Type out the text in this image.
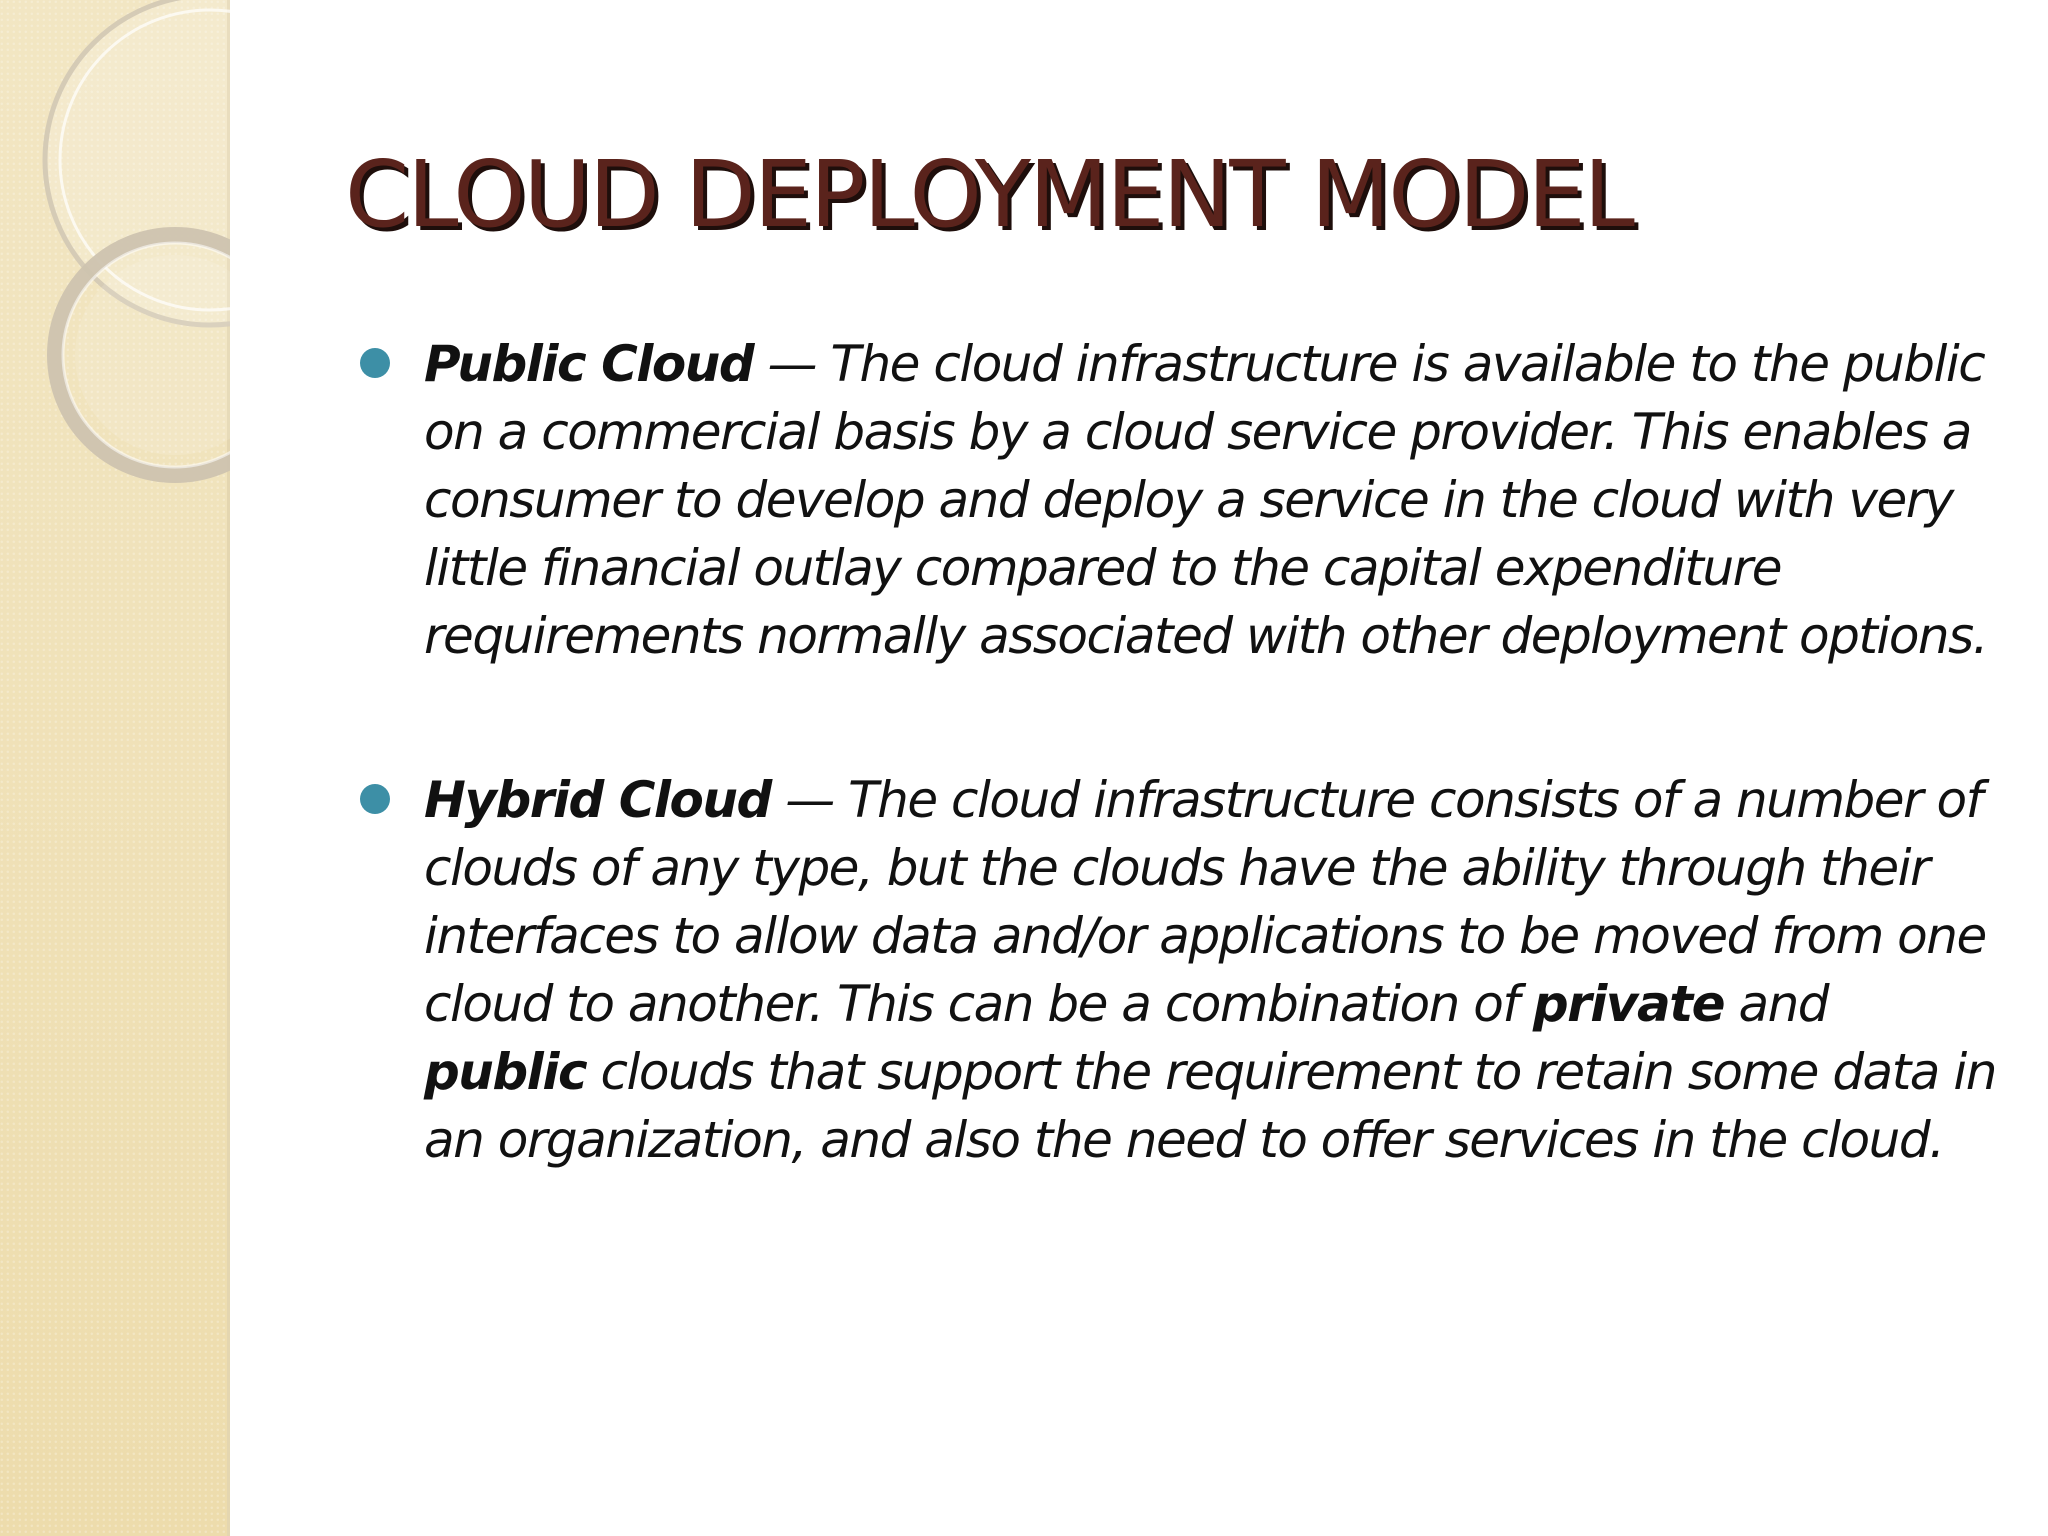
CLOUD DEPLOYMENT MODEL
Public Cloud — The cloud infrastructure is available to the public on a commercial basis by a cloud service provider. This enables a consumer to develop and deploy a service in the cloud with very little financial outlay compared to the capital expenditure requirements normally associated with other deployment options.
Hybrid Cloud — The cloud infrastructure consists of a number of clouds of any type, but the clouds have the ability through their interfaces to allow data and/or applications to be moved from one cloud to another. This can be a combination of private and public clouds that support the requirement to retain some data in an organization, and also the need to offer services in the cloud.
